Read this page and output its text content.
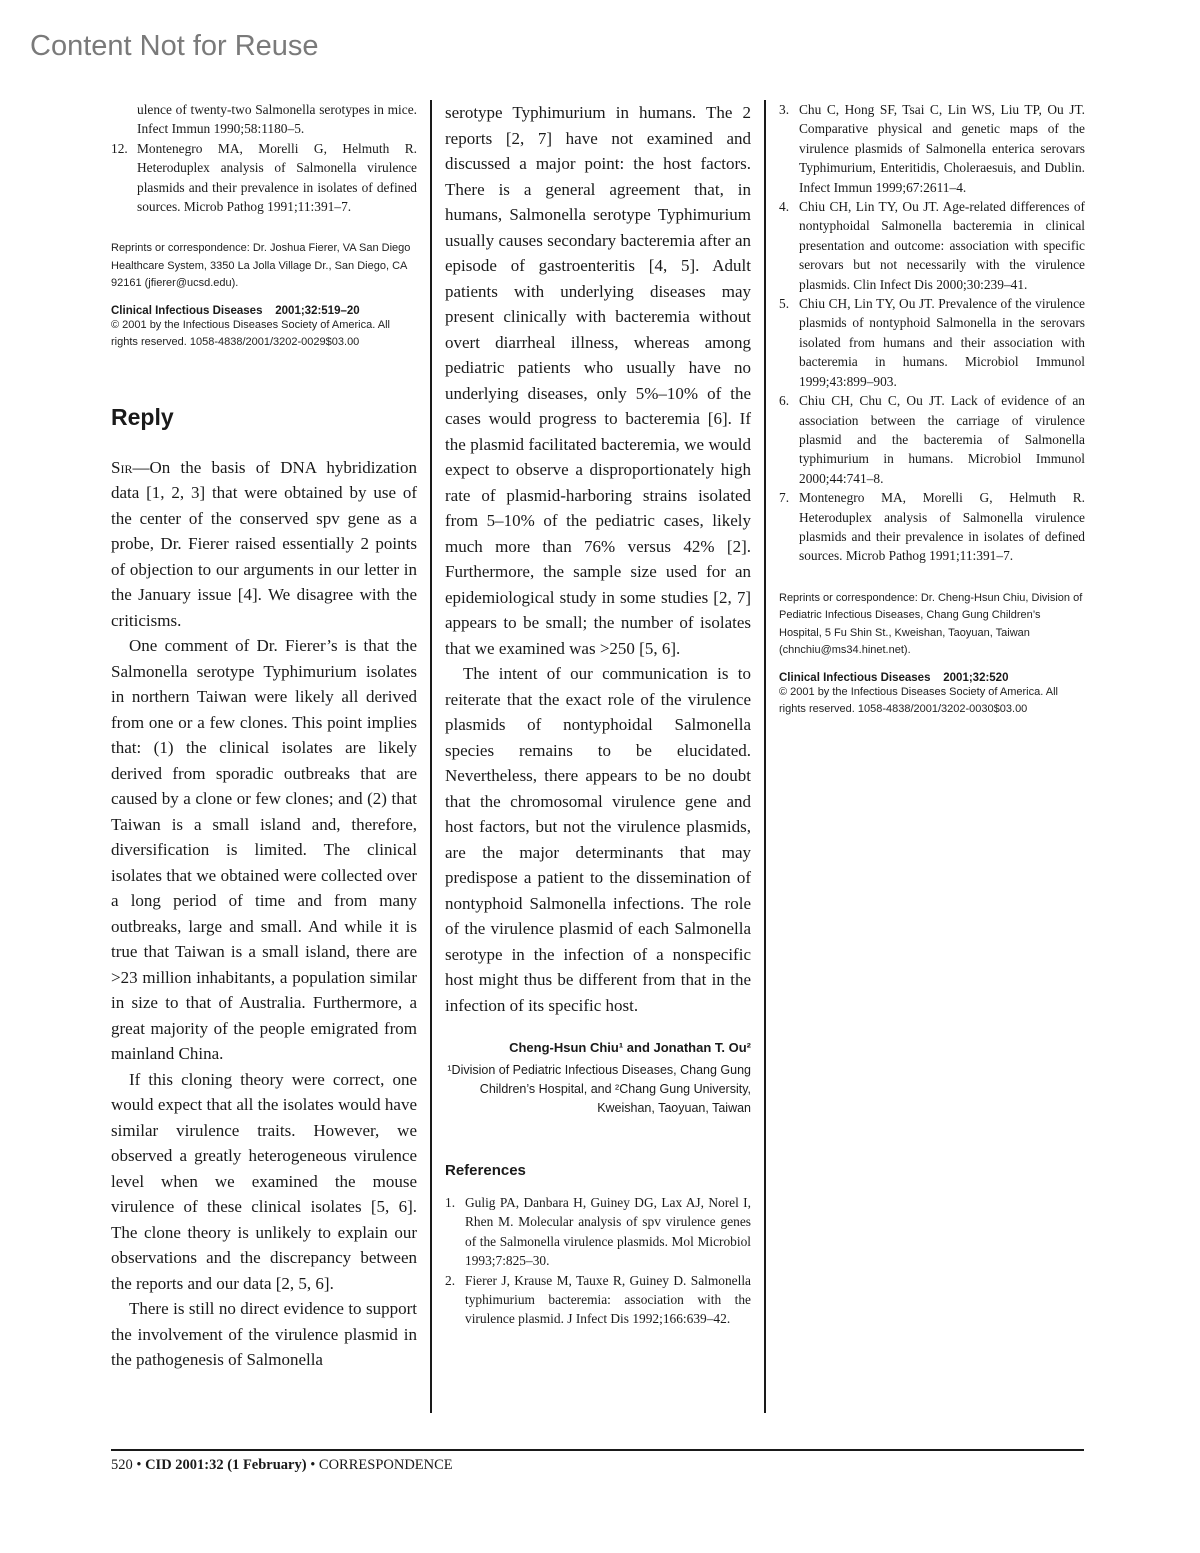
Content Not for Reuse

ulence of twenty-two Salmonella serotypes in mice. Infect Immun 1990;58:1180–5.

12. Montenegro MA, Morelli G, Helmuth R. Heteroduplex analysis of Salmonella virulence plasmids and their prevalence in isolates of defined sources. Microb Pathog 1991;11:391–7.

Reprints or correspondence: Dr. Joshua Fierer, VA San Diego Healthcare System, 3350 La Jolla Village Dr., San Diego, CA 92161 (jfierer@ucsd.edu).

Clinical Infectious Diseases    2001;32:519–20

© 2001 by the Infectious Diseases Society of America. All rights reserved. 1058-4838/2001/3202-0029$03.00

Reply

Sir—On the basis of DNA hybridization data [1, 2, 3] that were obtained by use of the center of the conserved spv gene as a probe, Dr. Fierer raised essentially 2 points of objection to our arguments in our letter in the January issue [4]. We disagree with the criticisms.

One comment of Dr. Fierer’s is that the Salmonella serotype Typhimurium isolates in northern Taiwan were likely all derived from one or a few clones. This point implies that: (1) the clinical isolates are likely derived from sporadic outbreaks that are caused by a clone or few clones; and (2) that Taiwan is a small island and, therefore, diversification is limited. The clinical isolates that we obtained were collected over a long period of time and from many outbreaks, large and small. And while it is true that Taiwan is a small island, there are >23 million inhabitants, a population similar in size to that of Australia. Furthermore, a great majority of the people emigrated from mainland China.

If this cloning theory were correct, one would expect that all the isolates would have similar virulence traits. However, we observed a greatly heterogeneous virulence level when we examined the mouse virulence of these clinical isolates [5, 6]. The clone theory is unlikely to explain our observations and the discrepancy between the reports and our data [2, 5, 6].

There is still no direct evidence to support the involvement of the virulence plasmid in the pathogenesis of Salmonella

serotype Typhimurium in humans. The 2 reports [2, 7] have not examined and discussed a major point: the host factors. There is a general agreement that, in humans, Salmonella serotype Typhimurium usually causes secondary bacteremia after an episode of gastroenteritis [4, 5]. Adult patients with underlying diseases may present clinically with bacteremia without overt diarrheal illness, whereas among pediatric patients who usually have no underlying diseases, only 5%–10% of the cases would progress to bacteremia [6]. If the plasmid facilitated bacteremia, we would expect to observe a disproportionately high rate of plasmid-harboring strains isolated from 5–10% of the pediatric cases, likely much more than 76% versus 42% [2]. Furthermore, the sample size used for an epidemiological study in some studies [2, 7] appears to be small; the number of isolates that we examined was >250 [5, 6].

The intent of our communication is to reiterate that the exact role of the virulence plasmids of nontyphoidal Salmonella species remains to be elucidated. Nevertheless, there appears to be no doubt that the chromosomal virulence gene and host factors, but not the virulence plasmids, are the major determinants that may predispose a patient to the dissemination of nontyphoid Salmonella infections. The role of the virulence plasmid of each Salmonella serotype in the infection of a nonspecific host might thus be different from that in the infection of its specific host.

Cheng-Hsun Chiu¹ and Jonathan T. Ou²

¹Division of Pediatric Infectious Diseases, Chang Gung Children’s Hospital, and ²Chang Gung University, Kweishan, Taoyuan, Taiwan

References

1. Gulig PA, Danbara H, Guiney DG, Lax AJ, Norel I, Rhen M. Molecular analysis of spv virulence genes of the Salmonella virulence plasmids. Mol Microbiol 1993;7:825–30.

2. Fierer J, Krause M, Tauxe R, Guiney D. Salmonella typhimurium bacteremia: association with the virulence plasmid. J Infect Dis 1992;166:639–42.

3. Chu C, Hong SF, Tsai C, Lin WS, Liu TP, Ou JT. Comparative physical and genetic maps of the virulence plasmids of Salmonella enterica serovars Typhimurium, Enteritidis, Choleraesuis, and Dublin. Infect Immun 1999;67:2611–4.

4. Chiu CH, Lin TY, Ou JT. Age-related differences of nontyphoidal Salmonella bacteremia in clinical presentation and outcome: association with specific serovars but not necessarily with the virulence plasmids. Clin Infect Dis 2000;30:239–41.

5. Chiu CH, Lin TY, Ou JT. Prevalence of the virulence plasmids of nontyphoid Salmonella in the serovars isolated from humans and their association with bacteremia in humans. Microbiol Immunol 1999;43:899–903.

6. Chiu CH, Chu C, Ou JT. Lack of evidence of an association between the carriage of virulence plasmid and the bacteremia of Salmonella typhimurium in humans. Microbiol Immunol 2000;44:741–8.

7. Montenegro MA, Morelli G, Helmuth R. Heteroduplex analysis of Salmonella virulence plasmids and their prevalence in isolates of defined sources. Microb Pathog 1991;11:391–7.

Reprints or correspondence: Dr. Cheng-Hsun Chiu, Division of Pediatric Infectious Diseases, Chang Gung Children’s Hospital, 5 Fu Shin St., Kweishan, Taoyuan, Taiwan (chnchiu@ms34.hinet.net).

Clinical Infectious Diseases    2001;32:520

© 2001 by the Infectious Diseases Society of America. All rights reserved. 1058-4838/2001/3202-0030$03.00

520 • CID 2001:32 (1 February) • CORRESPONDENCE
